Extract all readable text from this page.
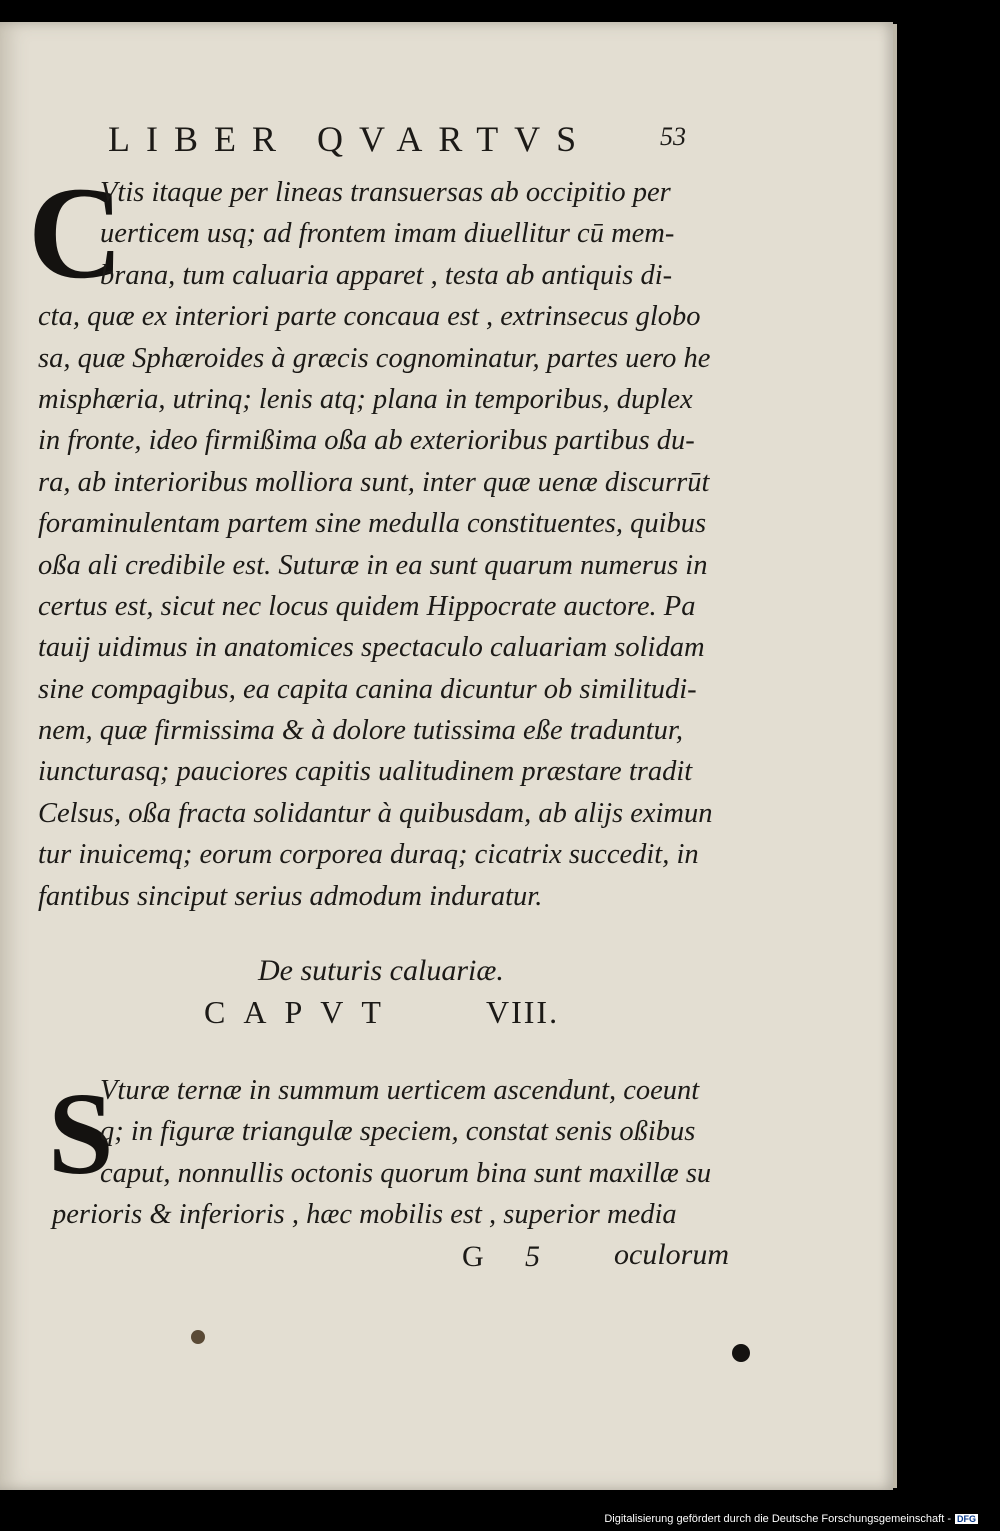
LIBER QVARTVS	53
C
Vtis itaque per lineas transuersas ab occipitio per
uerticem usq; ad frontem imam diuellitur cū mem-
brana, tum caluaria apparet , testa ab antiquis di-
cta, quæ ex interiori parte concaua est , extrinsecus globo
sa, quæ Sphæroides à græcis cognominatur, partes uero he
misphæria, utrinq; lenis atq; plana in temporibus, duplex
in fronte, ideo firmißima oßa ab exterioribus partibus du-
ra, ab interioribus molliora sunt, inter quæ uenæ discurrūt
foraminulentam partem sine medulla constituentes, quibus
oßa ali credibile est. Suturæ in ea sunt quarum numerus in
certus est, sicut nec locus quidem Hippocrate auctore. Pa
tauij uidimus in anatomices spectaculo caluariam solidam
sine compagibus, ea capita canina dicuntur ob similitudi-
nem, quæ firmissima & à dolore tutissima eße traduntur,
iuncturasq; pauciores capitis ualitudinem præstare tradit
Celsus, oßa fracta solidantur à quibusdam, ab alijs eximun
tur inuicemq; eorum corporea duraq; cicatrix succedit, in
fantibus sinciput serius admodum induratur.
De suturis caluariæ.
CAPVT	VIII.
S
Vturæ ternæ in summum uerticem ascendunt, coeunt
q; in figuræ triangulæ speciem, constat senis oßibus
caput, nonnullis octonis quorum bina sunt maxillæ su
perioris & inferioris , hæc mobilis est , superior media
G 5 oculorum
Digitalisierung gefördert durch die Deutsche Forschungsgemeinschaft - DFG
